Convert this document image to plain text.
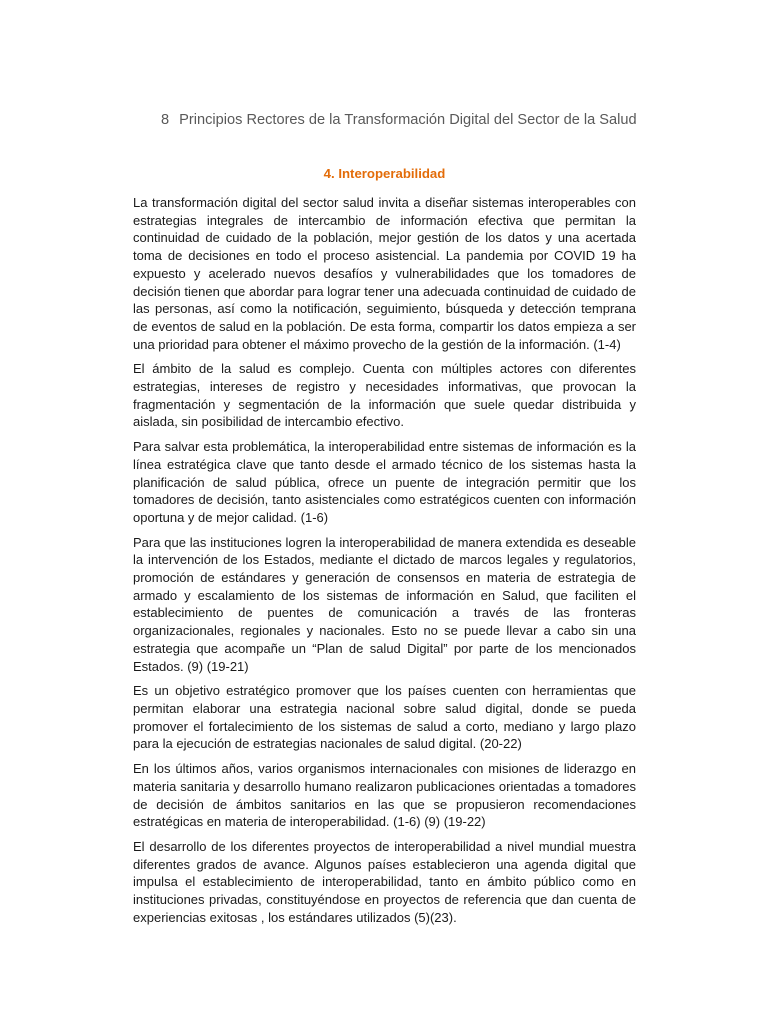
8 Principios Rectores de la Transformación Digital del Sector de la Salud
4. Interoperabilidad

La transformación digital del sector salud invita a diseñar sistemas interoperables con estrategias integrales de intercambio de información efectiva que permitan la continuidad de cuidado de la población, mejor gestión de los datos y una acertada toma de decisiones en todo el proceso asistencial. La pandemia por COVID 19 ha expuesto y acelerado nuevos desafíos y vulnerabilidades que los tomadores de decisión tienen que abordar para lograr tener una adecuada continuidad de cuidado de las personas, así como la notificación, seguimiento, búsqueda y detección temprana de eventos de salud en la población. De esta forma, compartir los datos empieza a ser una prioridad para obtener el máximo provecho de la gestión de la información. (1-4)

El ámbito de la salud es complejo. Cuenta con múltiples actores con diferentes estrategias, intereses de registro y necesidades informativas, que provocan la fragmentación y segmentación de la información que suele quedar distribuida y aislada, sin posibilidad de intercambio efectivo.

Para salvar esta problemática, la interoperabilidad entre sistemas de información es la línea estratégica clave que tanto desde el armado técnico de los sistemas hasta la planificación de salud pública, ofrece un puente de integración permitir que los tomadores de decisión, tanto asistenciales como estratégicos cuenten con información oportuna y de mejor calidad. (1-6)

Para que las instituciones logren la interoperabilidad de manera extendida es deseable la intervención de los Estados, mediante el dictado de marcos legales y regulatorios, promoción de estándares y generación de consensos en materia de estrategia de armado y escalamiento de los sistemas de información en Salud, que faciliten el establecimiento de puentes de comunicación a través de las fronteras organizacionales, regionales y nacionales. Esto no se puede llevar a cabo sin una estrategia que acompañe un “Plan de salud Digital” por parte de los mencionados Estados. (9) (19-21)

Es un objetivo estratégico promover que los países cuenten con herramientas que permitan elaborar una estrategia nacional sobre salud digital, donde se pueda promover el fortalecimiento de los sistemas de salud a corto, mediano y largo plazo para la ejecución de estrategias nacionales de salud digital. (20-22)

En los últimos años, varios organismos internacionales con misiones de liderazgo en materia sanitaria y desarrollo humano realizaron publicaciones orientadas a tomadores de decisión de ámbitos sanitarios en las que se propusieron recomendaciones estratégicas en materia de interoperabilidad. (1-6) (9) (19-22)

El desarrollo de los diferentes proyectos de interoperabilidad a nivel mundial muestra diferentes grados de avance. Algunos países establecieron una agenda digital que impulsa el establecimiento de interoperabilidad, tanto en ámbito público como en instituciones privadas, constituyéndose en proyectos de referencia que dan cuenta de experiencias exitosas , los estándares utilizados (5)(23).
